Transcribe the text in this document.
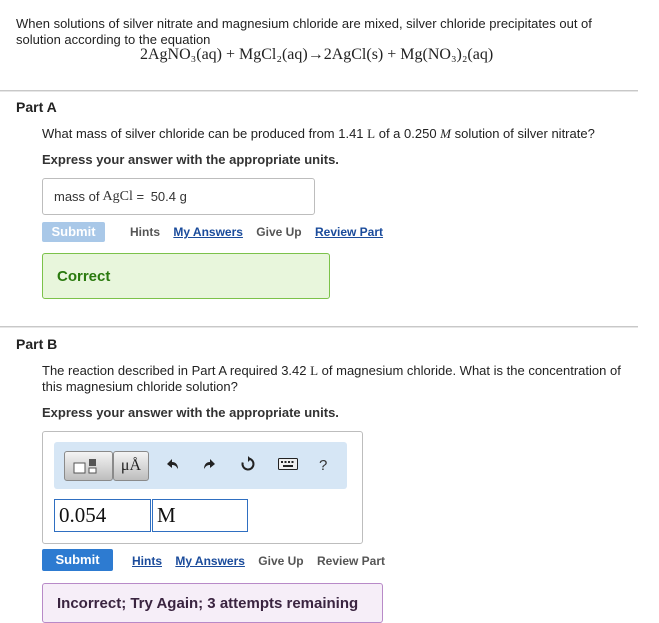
When solutions of silver nitrate and magnesium chloride are mixed, silver chloride precipitates out of solution according to the equation
2AgNO₃(aq) + MgCl₂(aq)→2AgCl(s) + Mg(NO₃)₂(aq)
Part A
What mass of silver chloride can be produced from 1.41 L of a 0.250 M solution of silver nitrate?
Express your answer with the appropriate units.
mass of AgCl = 50.4 g
Submit	Hints My Answers Give Up Review Part
Correct
Part B
The reaction described in Part A required 3.42 L of magnesium chloride. What is the concentration of this magnesium chloride solution?
Express your answer with the appropriate units.
μÅ	?
0.054	M
Submit	Hints My Answers Give Up Review Part
Incorrect; Try Again; 3 attempts remaining
